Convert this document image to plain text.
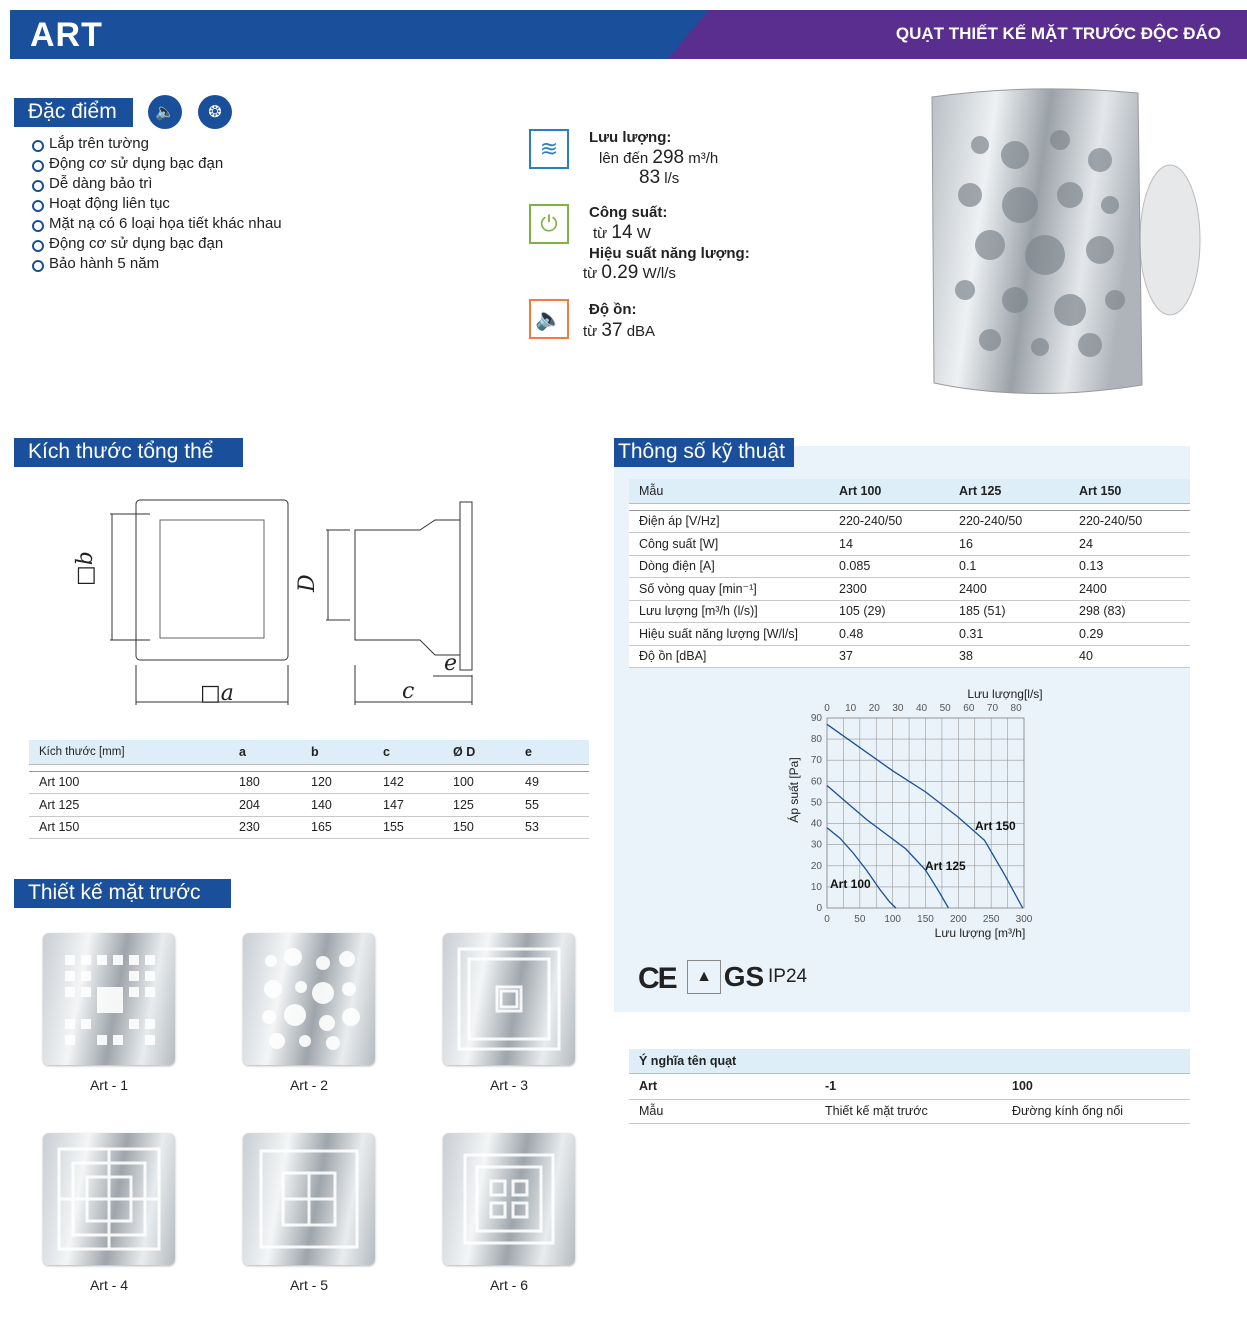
ART	QUẠT THIẾT KẾ MẶT TRƯỚC ĐỘC ĐÁO
Đặc điểm	🔈	❂
Lắp trên tường
Động cơ sử dụng bạc đạn
Dễ dàng bảo trì
Hoạt động liên tục
Mặt nạ có 6 loại họa tiết khác nhau
Động cơ sử dụng bạc đạn
Bảo hành 5 năm
≋	Lưu lượng:
lên đến 298 m³/h
83 l/s
⏻	Công suất:
từ 14 W
Hiệu suất năng lượng:
từ 0.29 W/l/s
🔈	Độ ồn:
từ 37 dBA
Kích thước tổng thể
□b
□a
D
c
e
Kích thước [mm]	a	b	c	Ø D	e

Art 100	180	120	142	100	49
Art 125	204	140	147	125	55
Art 150	230	165	155	150	53
Thiết kế mặt trước
Art - 1	Art - 2	Art - 3
Art - 4	Art - 5	Art - 6
Thông số kỹ thuật
Mẫu	Art 100	Art 125	Art 150

Điện áp [V/Hz]	220-240/50	220-240/50	220-240/50
Công suất [W]	14	16	24
Dòng điện [A]	0.085	0.1	0.13
Số vòng quay [min⁻¹]	2300	2400	2400
Lưu lượng [m³/h (l/s)]	105 (29)	185 (51)	298 (83)
Hiệu suất năng lượng [W/l/s]	0.48	0.31	0.29
Độ ồn [dBA]	37	38	40
0
10
20
30
40
50
60
70
80
90
0 50 100 150 200 250 300
0 10 20 30 40 50 60 70 80
Art 100
Art 125
Art 150
Lưu lượng[l/s]
Lưu lượng [m³/h]
Áp suất [Pa]
CE	▲ GS IP24
Ý nghĩa tên quạt		
Art	-1	100
Mẫu	Thiết kế mặt trước	Đường kính ống nối
